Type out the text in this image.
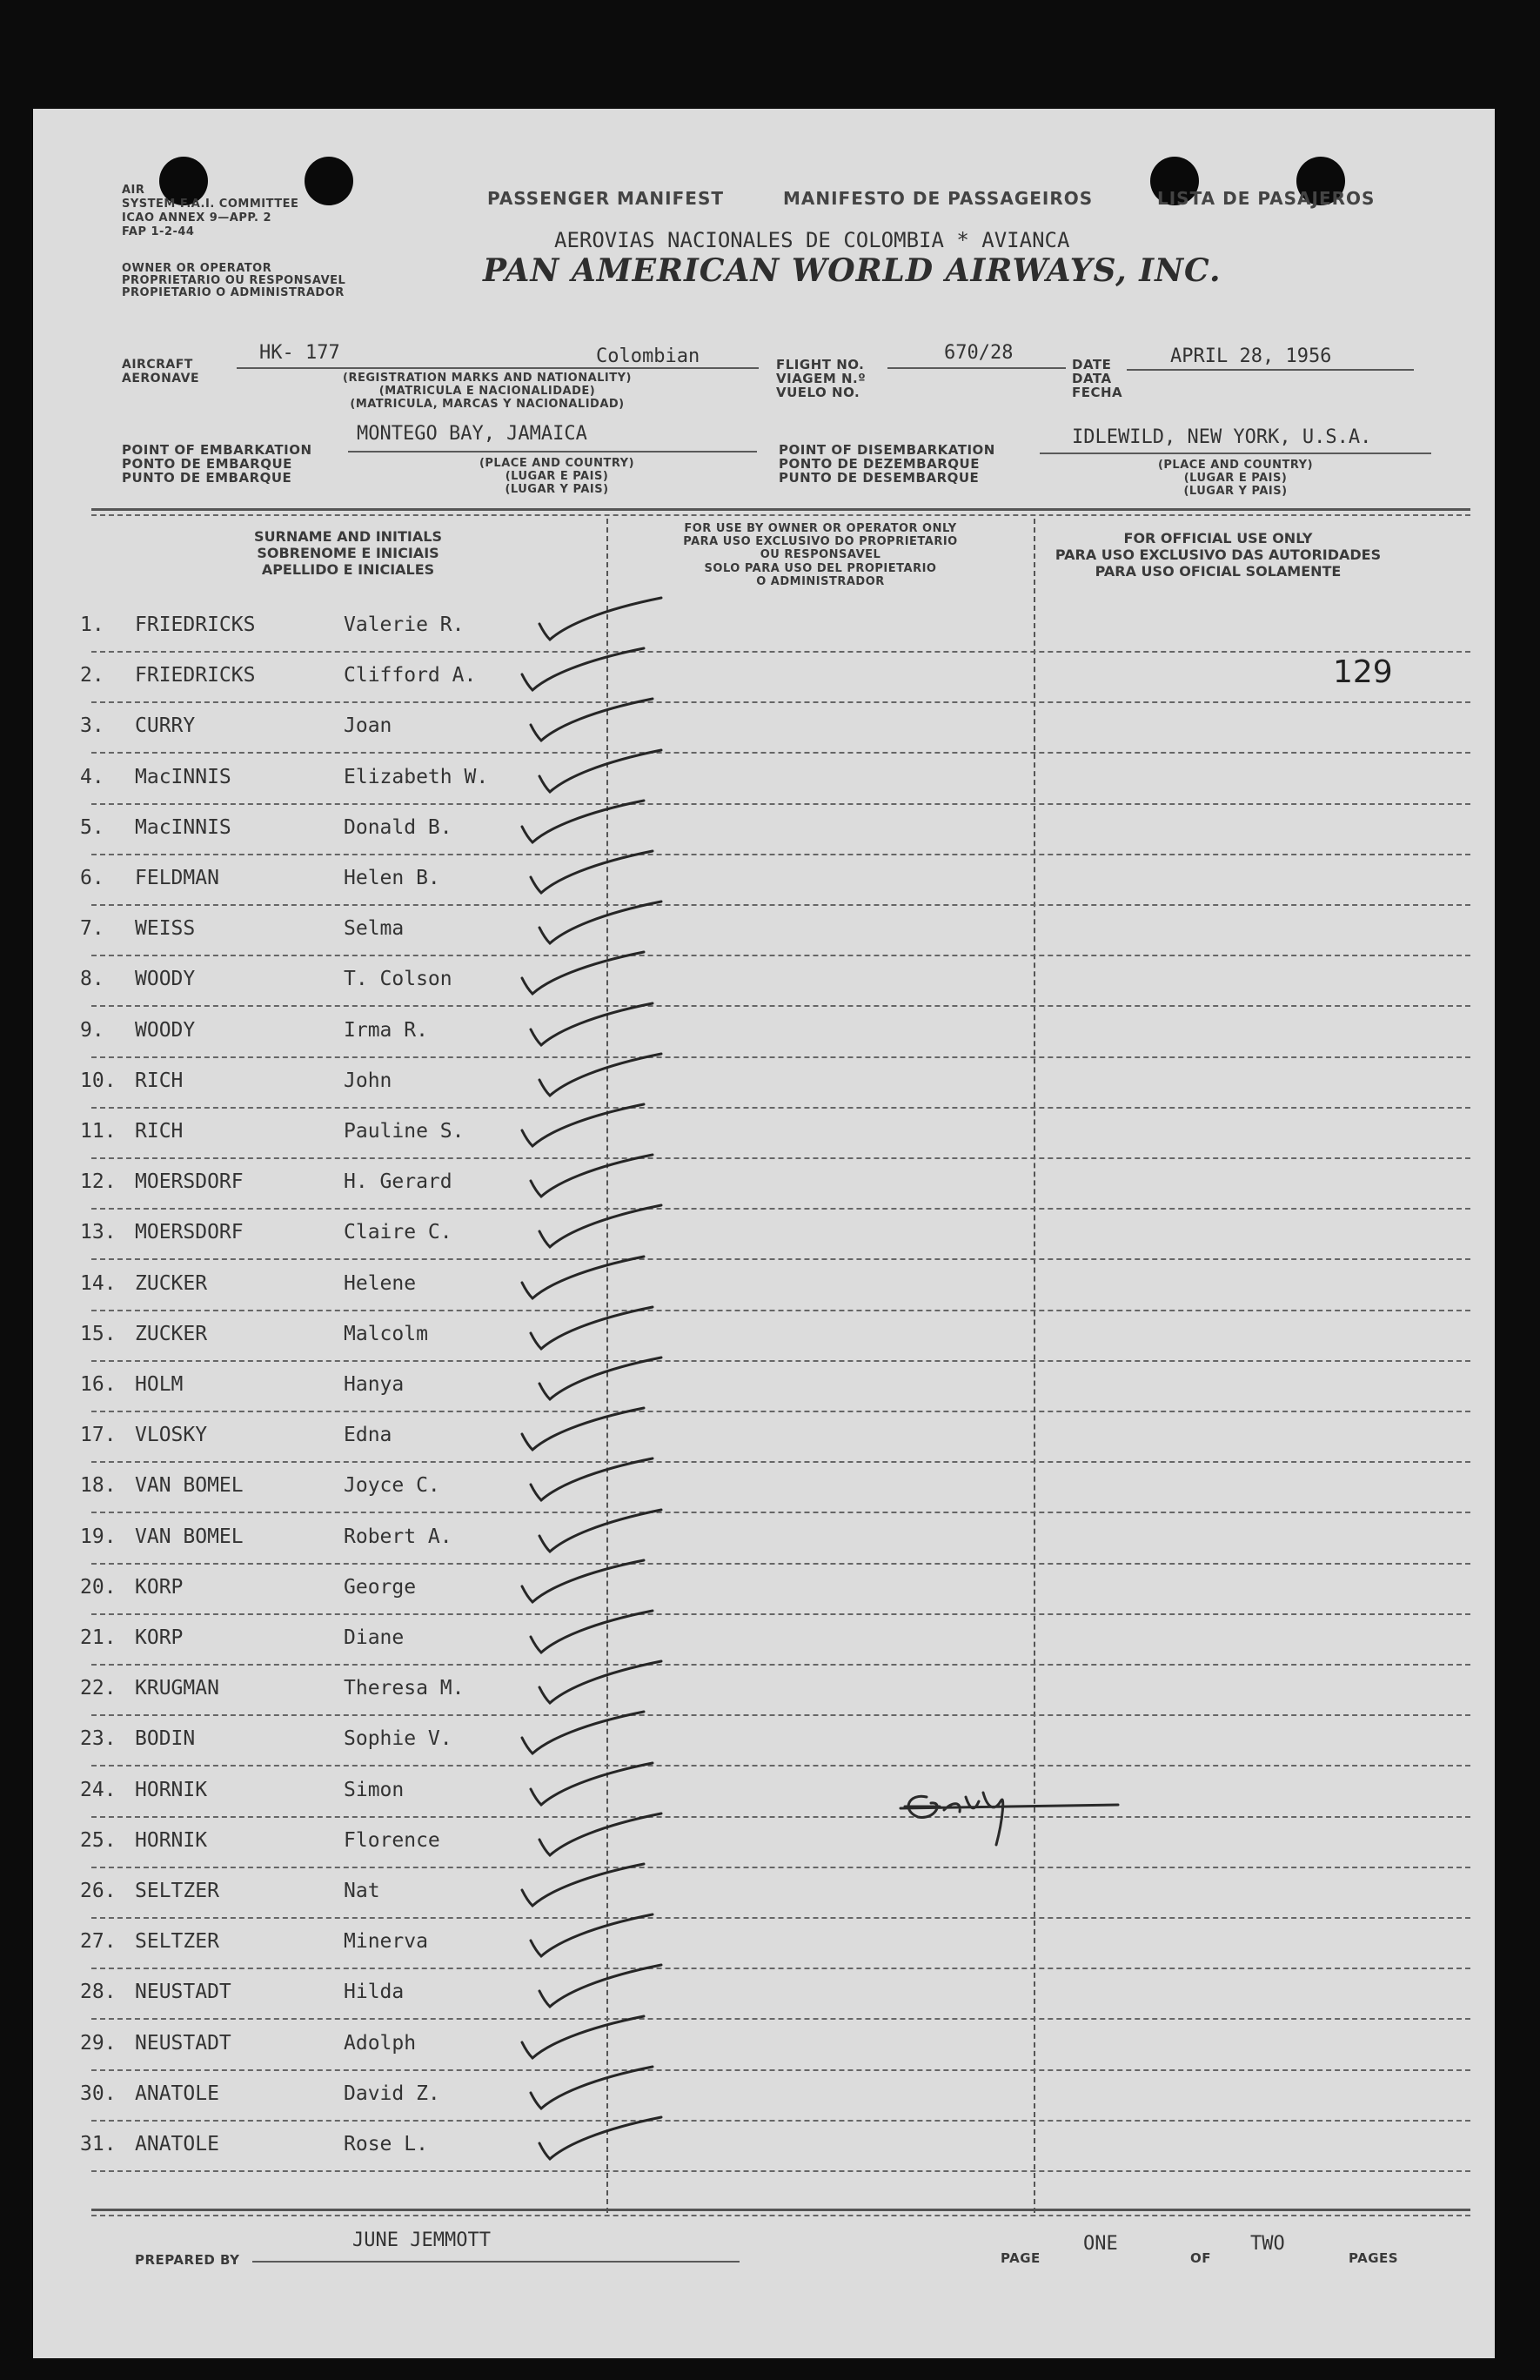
AIR
SYSTEM F.A.I. COMMITTEE
ICAO ANNEX 9—APP. 2
FAP 1-2-44
OWNER OR OPERATOR
PROPRIETARIO OU RESPONSAVEL
PROPIETARIO O ADMINISTRADOR
PASSENGER MANIFEST	MANIFESTO DE PASSAGEIROS	LISTA DE PASAJEROS
AEROVIAS NACIONALES DE COLOMBIA * AVIANCA
PAN AMERICAN WORLD AIRWAYS, INC.
AIRCRAFT
AERONAVE
HK- 177	Colombian
(REGISTRATION MARKS AND NATIONALITY)
(MATRICULA E NACIONALIDADE)
(MATRICULA, MARCAS Y NACIONALIDAD)
FLIGHT NO.
VIAGEM N.º
VUELO NO.
670/28
DATE
DATA
FECHA
APRIL 28, 1956
POINT OF EMBARKATION
PONTO DE EMBARQUE
PUNTO DE EMBARQUE
MONTEGO BAY, JAMAICA
(PLACE AND COUNTRY)
(LUGAR E PAIS)
(LUGAR Y PAIS)
POINT OF DISEMBARKATION
PONTO DE DEZEMBARQUE
PUNTO DE DESEMBARQUE
IDLEWILD, NEW YORK, U.S.A.
(PLACE AND COUNTRY)
(LUGAR E PAIS)
(LUGAR Y PAIS)
SURNAME AND INITIALS
SOBRENOME E INICIAIS
APELLIDO E INICIALES
FOR USE BY OWNER OR OPERATOR ONLY
PARA USO EXCLUSIVO DO PROPRIETARIO
OU RESPONSAVEL
SOLO PARA USO DEL PROPIETARIO
O ADMINISTRADOR
FOR OFFICIAL USE ONLY
PARA USO EXCLUSIVO DAS AUTORIDADES
PARA USO OFICIAL SOLAMENTE
1. FRIEDRICKS	Valerie R.
2. FRIEDRICKS	Clifford A.
3. CURRY	Joan
4. MacINNIS	Elizabeth W.
5. MacINNIS	Donald B.
6. FELDMAN	Helen B.
7. WEISS	Selma
8. WOODY	T. Colson
9. WOODY	Irma R.
10. RICH	John
11. RICH	Pauline S.
12. MOERSDORF	H. Gerard
13. MOERSDORF	Claire C.
14. ZUCKER	Helene
15. ZUCKER	Malcolm
16. HOLM	Hanya
17. VLOSKY	Edna
18. VAN BOMEL	Joyce C.
19. VAN BOMEL	Robert A.
20. KORP	George
21. KORP	Diane
22. KRUGMAN	Theresa M.
23. BODIN	Sophie V.
24. HORNIK	Simon
25. HORNIK	Florence
26. SELTZER	Nat
27. SELTZER	Minerva
28. NEUSTADT	Hilda
29. NEUSTADT	Adolph
30. ANATOLE	David Z.
31. ANATOLE	Rose L.
129
PREPARED BY
JUNE JEMMOTT
PAGE
ONE
OF
TWO
PAGES
